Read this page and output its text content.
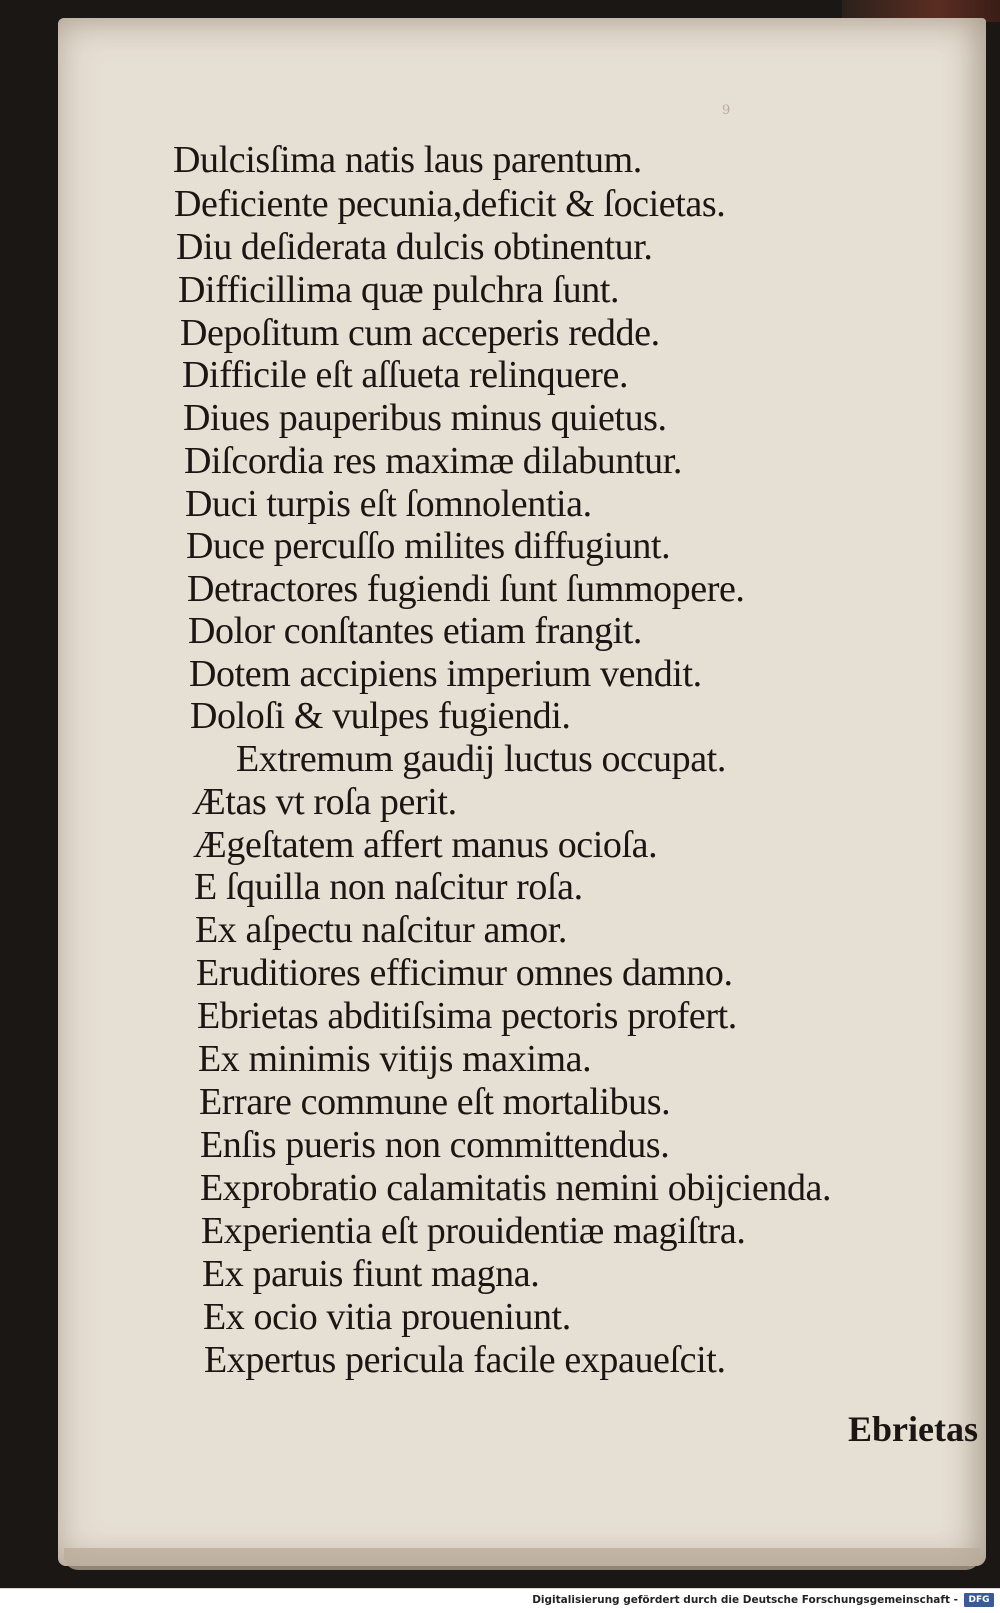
9
Dulcisſima natis laus parentum.
Deficiente pecunia,deficit & ſocietas.
Diu deſiderata dulcis obtinentur.
Difficillima quæ pulchra ſunt.
Depoſitum cum acceperis redde.
Difficile eſt aſſueta relinquere.
Diues pauperibus minus quietus.
Diſcordia res maximæ dilabuntur.
Duci turpis eſt ſomnolentia.
Duce percuſſo milites diffugiunt.
Detractores fugiendi ſunt ſummopere.
Dolor conſtantes etiam frangit.
Dotem accipiens imperium vendit.
Doloſi & vulpes fugiendi.
Extremum gaudij luctus occupat.
Ætas vt roſa perit.
Ægeſtatem affert manus ocioſa.
E ſquilla non naſcitur roſa.
Ex aſpectu naſcitur amor.
Eruditiores efficimur omnes damno.
Ebrietas abditiſsima pectoris profert.
Ex minimis vitijs maxima.
Errare commune eſt mortalibus.
Enſis pueris non committendus.
Exprobratio calamitatis nemini obijcienda.
Experientia eſt prouidentiæ magiſtra.
Ex paruis fiunt magna.
Ex ocio vitia proueniunt.
Expertus pericula facile expaueſcit.
Ebrietas
Digitalisierung gefördert durch die Deutsche Forschungsgemeinschaft -	DFG
